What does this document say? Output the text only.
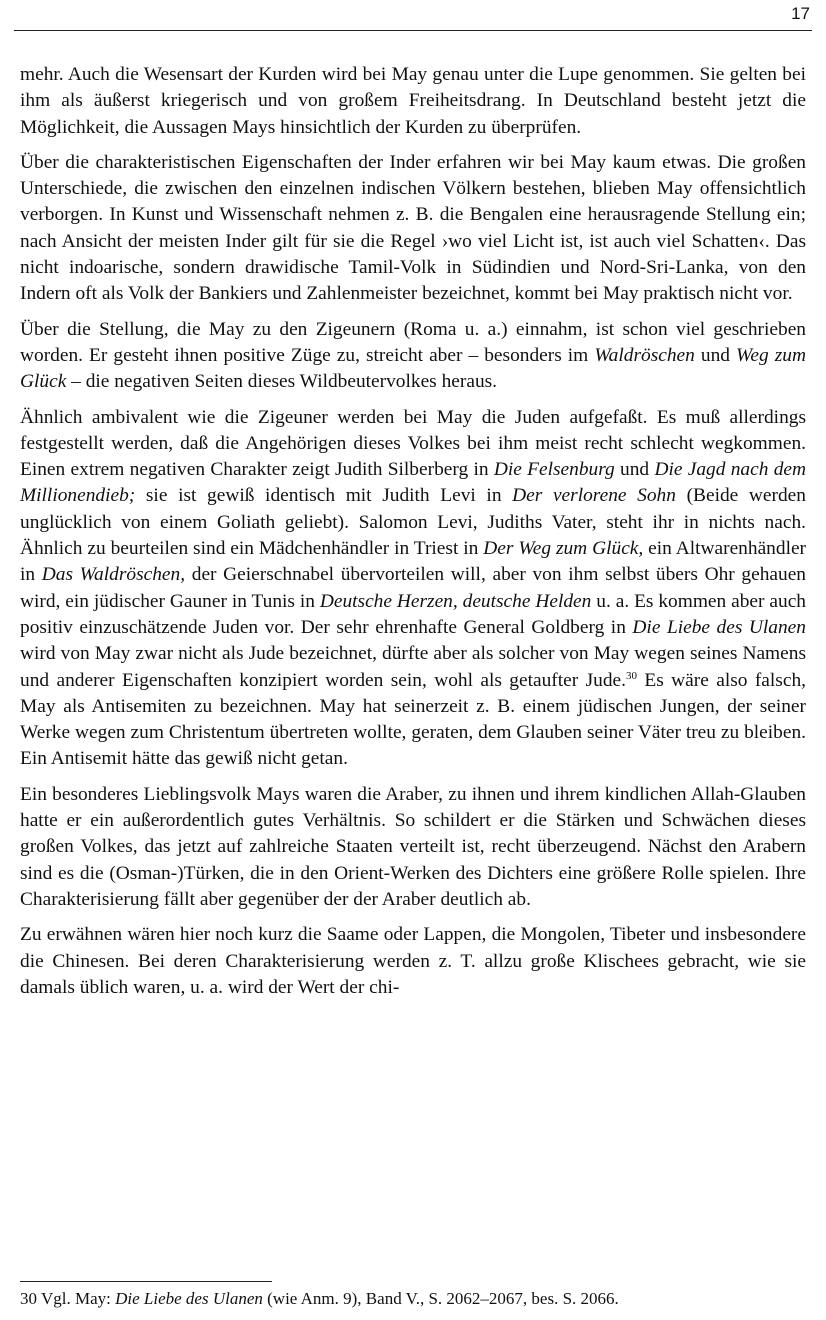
17

mehr. Auch die Wesensart der Kurden wird bei May genau unter die Lupe genommen. Sie gelten bei ihm als äußerst kriegerisch und von großem Freiheitsdrang. In Deutschland besteht jetzt die Möglichkeit, die Aussagen Mays hinsichtlich der Kurden zu überprüfen.

Über die charakteristischen Eigenschaften der Inder erfahren wir bei May kaum etwas. Die großen Unterschiede, die zwischen den einzelnen indischen Völkern bestehen, blieben May offensichtlich verborgen. In Kunst und Wissenschaft nehmen z. B. die Bengalen eine herausragende Stellung ein; nach Ansicht der meisten Inder gilt für sie die Regel ›wo viel Licht ist, ist auch viel Schatten‹. Das nicht indoarische, sondern drawidische Tamil-Volk in Südindien und Nord-Sri-Lanka, von den Indern oft als Volk der Bankiers und Zahlenmeister bezeichnet, kommt bei May praktisch nicht vor.

Über die Stellung, die May zu den Zigeunern (Roma u. a.) einnahm, ist schon viel geschrieben worden. Er gesteht ihnen positive Züge zu, streicht aber – besonders im Waldröschen und Weg zum Glück – die negativen Seiten dieses Wildbeutervolkes heraus.

Ähnlich ambivalent wie die Zigeuner werden bei May die Juden aufgefaßt. Es muß allerdings festgestellt werden, daß die Angehörigen dieses Volkes bei ihm meist recht schlecht wegkommen. Einen extrem negativen Charakter zeigt Judith Silberberg in Die Felsenburg und Die Jagd nach dem Millionendieb; sie ist gewiß identisch mit Judith Levi in Der verlorene Sohn (Beide werden unglücklich von einem Goliath geliebt). Salomon Levi, Judiths Vater, steht ihr in nichts nach. Ähnlich zu beurteilen sind ein Mädchenhändler in Triest in Der Weg zum Glück, ein Altwarenhändler in Das Waldröschen, der Geierschnabel übervorteilen will, aber von ihm selbst übers Ohr gehauen wird, ein jüdischer Gauner in Tunis in Deutsche Herzen, deutsche Helden u. a. Es kommen aber auch positiv einzuschätzende Juden vor. Der sehr ehrenhafte General Goldberg in Die Liebe des Ulanen wird von May zwar nicht als Jude bezeichnet, dürfte aber als solcher von May wegen seines Namens und anderer Eigenschaften konzipiert worden sein, wohl als getaufter Jude.$^{30}$ Es wäre also falsch, May als Antisemiten zu bezeichnen. May hat seinerzeit z. B. einem jüdischen Jungen, der seiner Werke wegen zum Christentum übertreten wollte, geraten, dem Glauben seiner Väter treu zu bleiben. Ein Antisemit hätte das gewiß nicht getan.

Ein besonderes Lieblingsvolk Mays waren die Araber, zu ihnen und ihrem kindlichen Allah-Glauben hatte er ein außerordentlich gutes Verhältnis. So schildert er die Stärken und Schwächen dieses großen Volkes, das jetzt auf zahlreiche Staaten verteilt ist, recht überzeugend. Nächst den Arabern sind es die (Osman-)Türken, die in den Orient-Werken des Dichters eine größere Rolle spielen. Ihre Charakterisierung fällt aber gegenüber der der Araber deutlich ab.

Zu erwähnen wären hier noch kurz die Saame oder Lappen, die Mongolen, Tibeter und insbesondere die Chinesen. Bei deren Charakterisierung werden z. T. allzu große Klischees gebracht, wie sie damals üblich waren, u. a. wird der Wert der chi-

30 Vgl. May: Die Liebe des Ulanen (wie Anm. 9), Band V., S. 2062–2067, bes. S. 2066.
